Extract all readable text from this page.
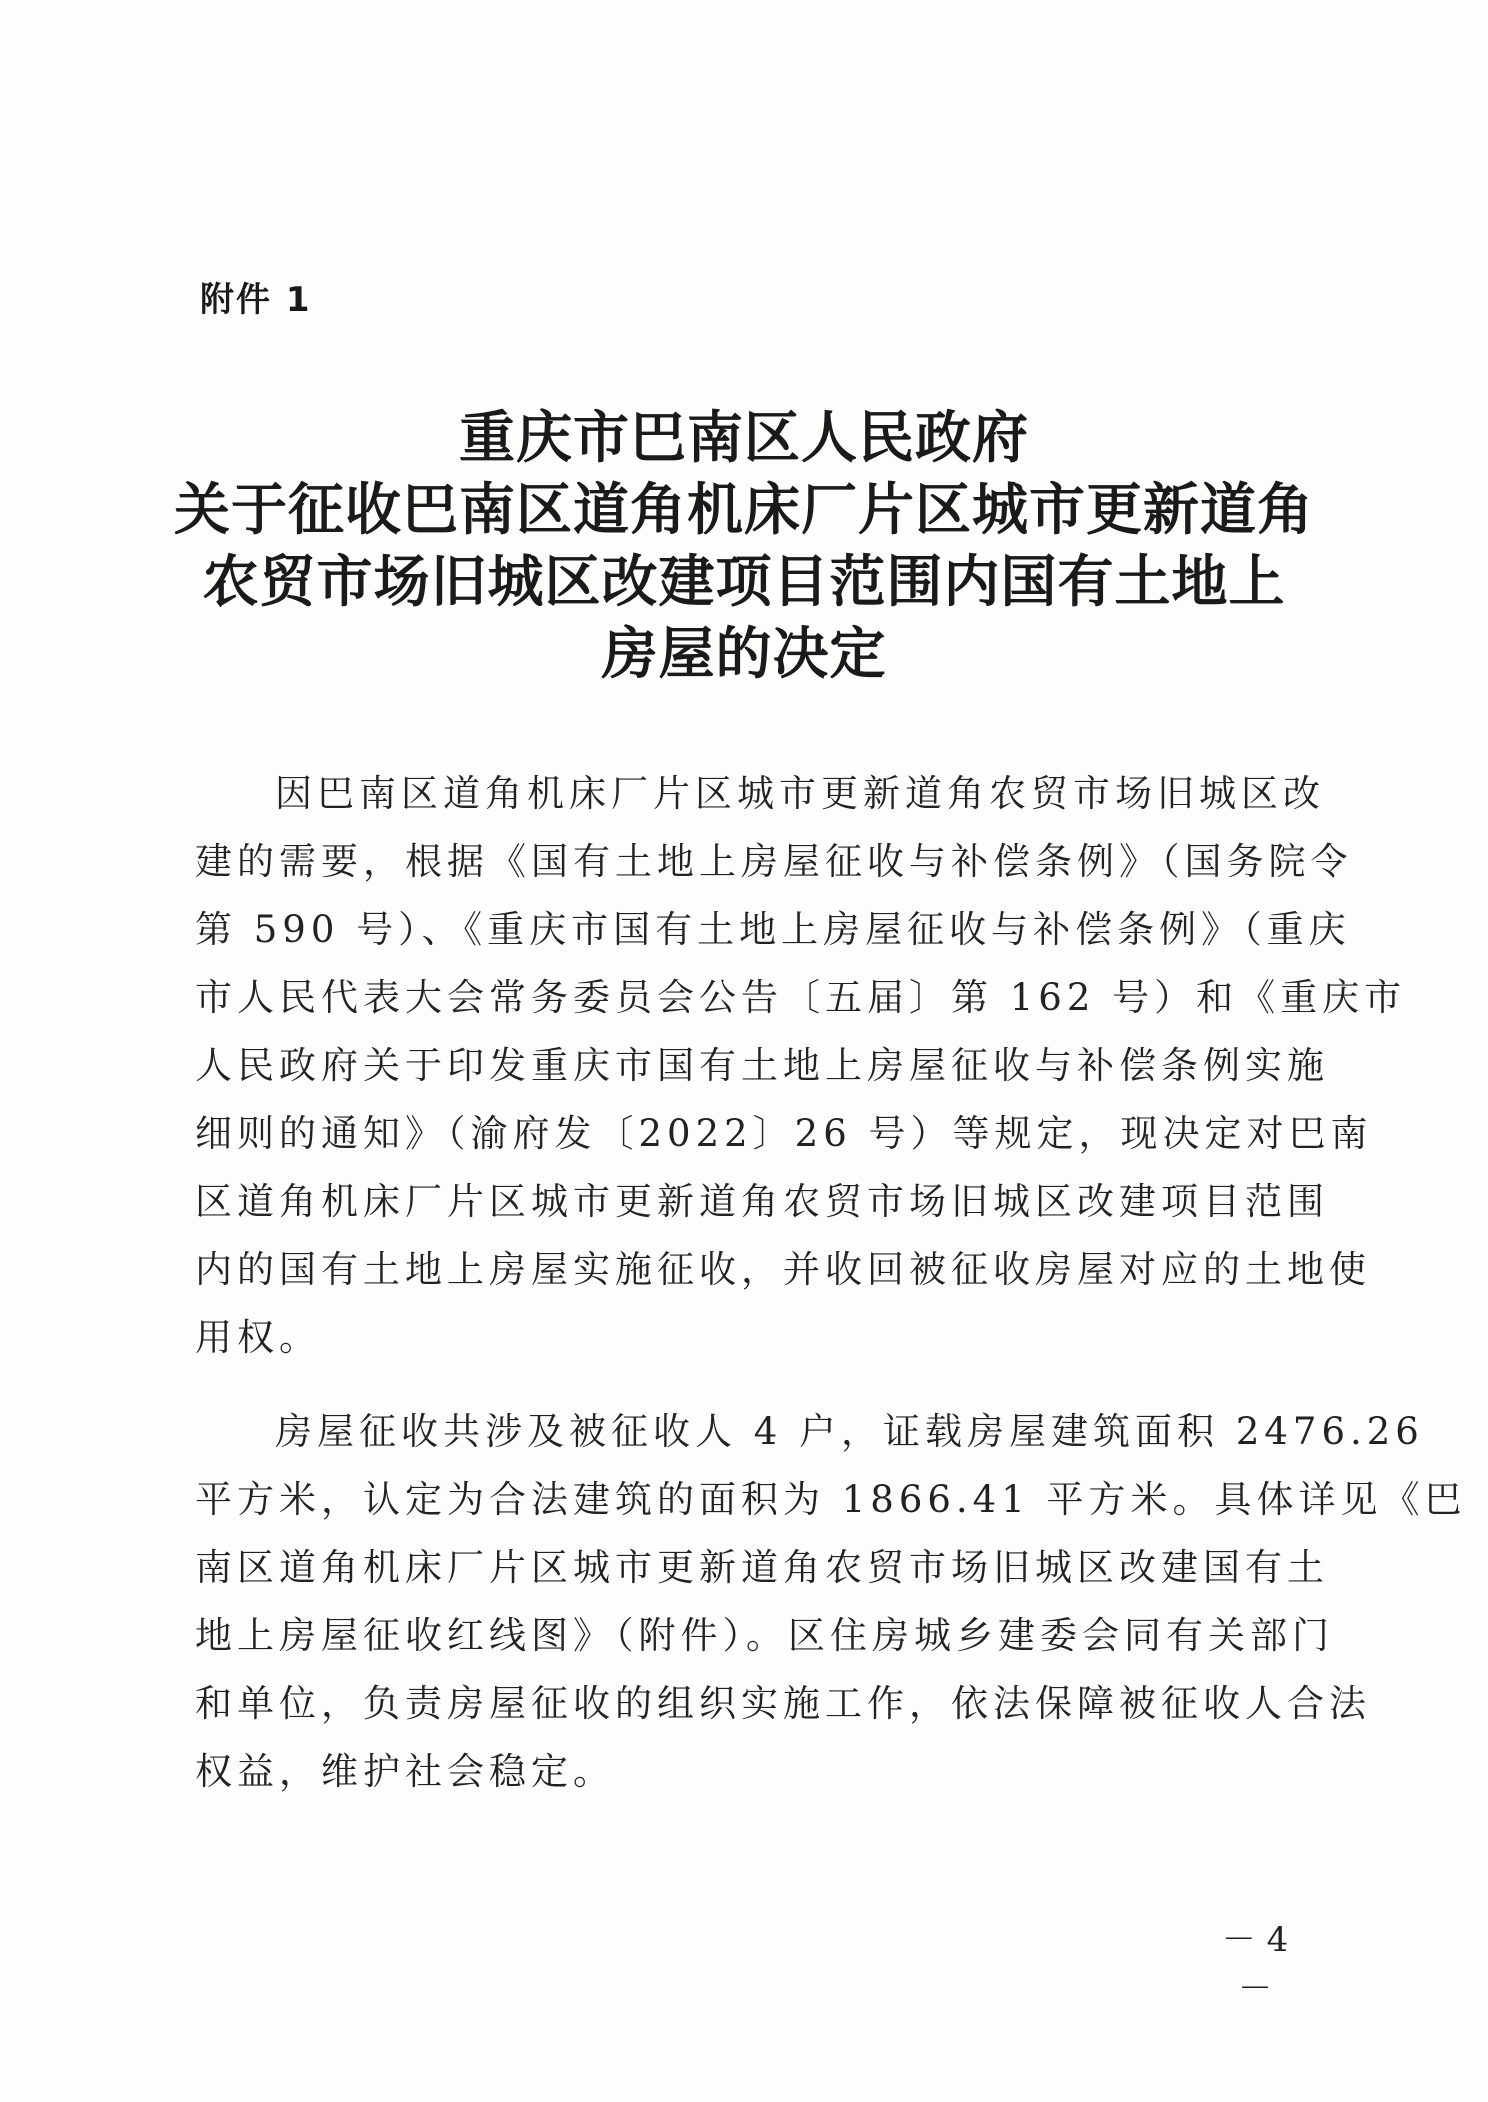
附件 1
重庆市巴南区人民政府
关于征收巴南区道角机床厂片区城市更新道角
农贸市场旧城区改建项目范围内国有土地上
房屋的决定
因巴南区道角机床厂片区城市更新道角农贸市场旧城区改
建的需要，根据《国有土地上房屋征收与补偿条例》（国务院令
第 590 号）、《重庆市国有土地上房屋征收与补偿条例》（重庆
市人民代表大会常务委员会公告〔五届〕第 162 号）和《重庆市
人民政府关于印发重庆市国有土地上房屋征收与补偿条例实施
细则的通知》（渝府发〔2022〕26 号）等规定，现决定对巴南
区道角机床厂片区城市更新道角农贸市场旧城区改建项目范围
内的国有土地上房屋实施征收，并收回被征收房屋对应的土地使
用权。
房屋征收共涉及被征收人 4 户，证载房屋建筑面积 2476.26
平方米，认定为合法建筑的面积为 1866.41 平方米。具体详见《巴
南区道角机床厂片区城市更新道角农贸市场旧城区改建国有土
地上房屋征收红线图》（附件）。区住房城乡建委会同有关部门
和单位，负责房屋征收的组织实施工作，依法保障被征收人合法
权益，维护社会稳定。
－ 4 －
